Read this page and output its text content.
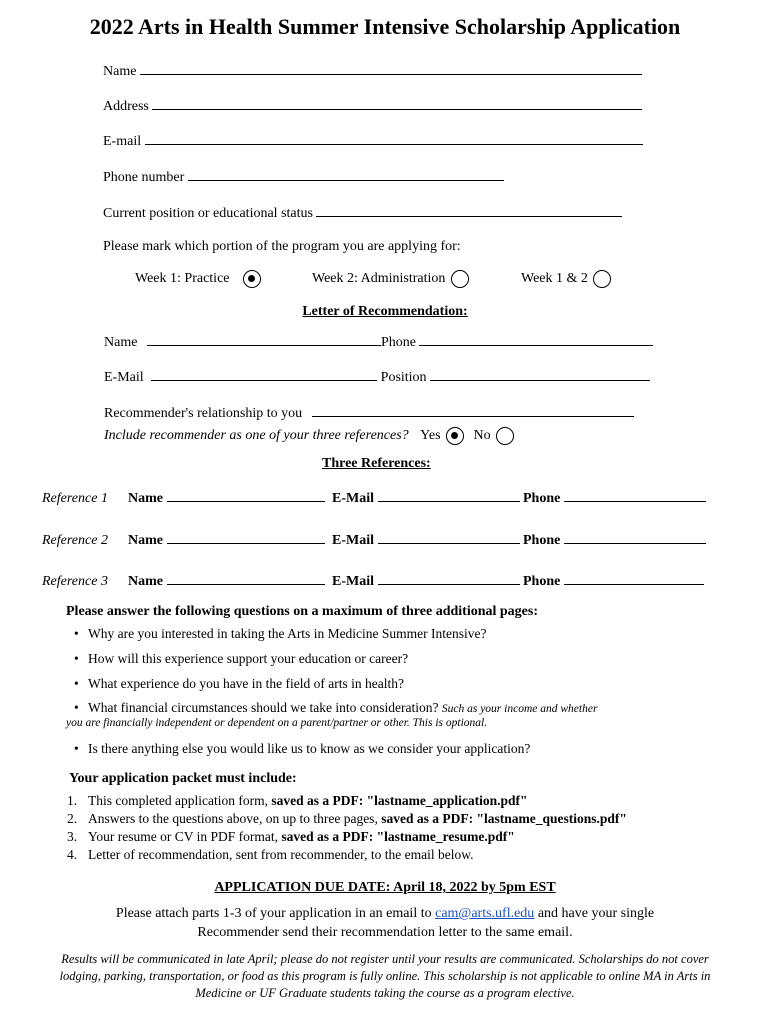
2022 Arts in Health Summer Intensive Scholarship Application
Name
Address
E-mail
Phone number
Current position or educational status
Please mark which portion of the program you are applying for:
Week 1: Practice	Week 2: Administration	Week 1 & 2
Letter of Recommendation:
Name	Phone
E-Mail	Position
Recommender's relationship to you
Include recommender as one of your three references? Yes No
Three References:
Reference 1 Name	E-Mail	Phone
Reference 2 Name	E-Mail	Phone
Reference 3 Name	E-Mail	Phone
Please answer the following questions on a maximum of three additional pages:
• Why are you interested in taking the Arts in Medicine Summer Intensive?
• How will this experience support your education or career?
• What experience do you have in the field of arts in health?
• What financial circumstances should we take into consideration? Such as your income and whether
you are financially independent or dependent on a parent/partner or other. This is optional.
• Is there anything else you would like us to know as we consider your application?
Your application packet must include:
1. This completed application form, saved as a PDF: "lastname_application.pdf"
2. Answers to the questions above, on up to three pages, saved as a PDF: "lastname_questions.pdf"
3. Your resume or CV in PDF format, saved as a PDF: "lastname_resume.pdf"
4. Letter of recommendation, sent from recommender, to the email below.
APPLICATION DUE DATE: April 18, 2022 by 5pm EST
Please attach parts 1-3 of your application in an email to cam@arts.ufl.edu and have your single
Recommender send their recommendation letter to the same email.
Results will be communicated in late April; please do not register until your results are communicated. Scholarships do not cover lodging, parking, transportation, or food as this program is fully online. This scholarship is not applicable to online MA in Arts in Medicine or UF Graduate students taking the course as a program elective.
